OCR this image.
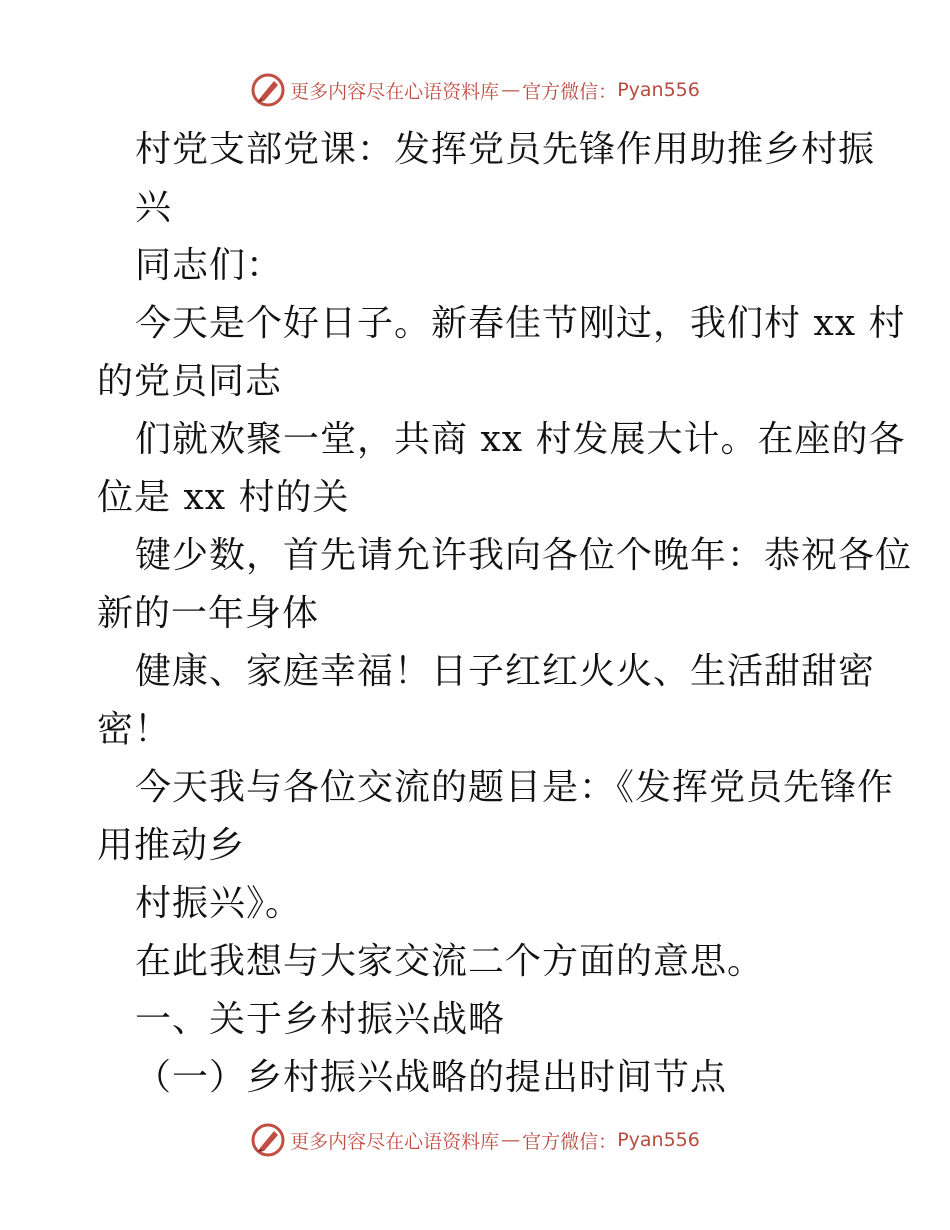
更多内容尽在心语资料库 — 官方微信： Pyan556
村党支部党课：发挥党员先锋作用助推乡村振
兴
同志们：
今天是个好日子。新春佳节刚过，我们村 xx 村
的党员同志
们就欢聚一堂，共商 xx 村发展大计。在座的各
位是 xx 村的关
键少数，首先请允许我向各位个晚年：恭祝各位
新的一年身体
健康、家庭幸福！日子红红火火、生活甜甜密
密！
今天我与各位交流的题目是：《发挥党员先锋作
用推动乡
村振兴》。
在此我想与大家交流二个方面的意思。
一、关于乡村振兴战略
（一）乡村振兴战略的提出时间节点
更多内容尽在心语资料库 — 官方微信： Pyan556
